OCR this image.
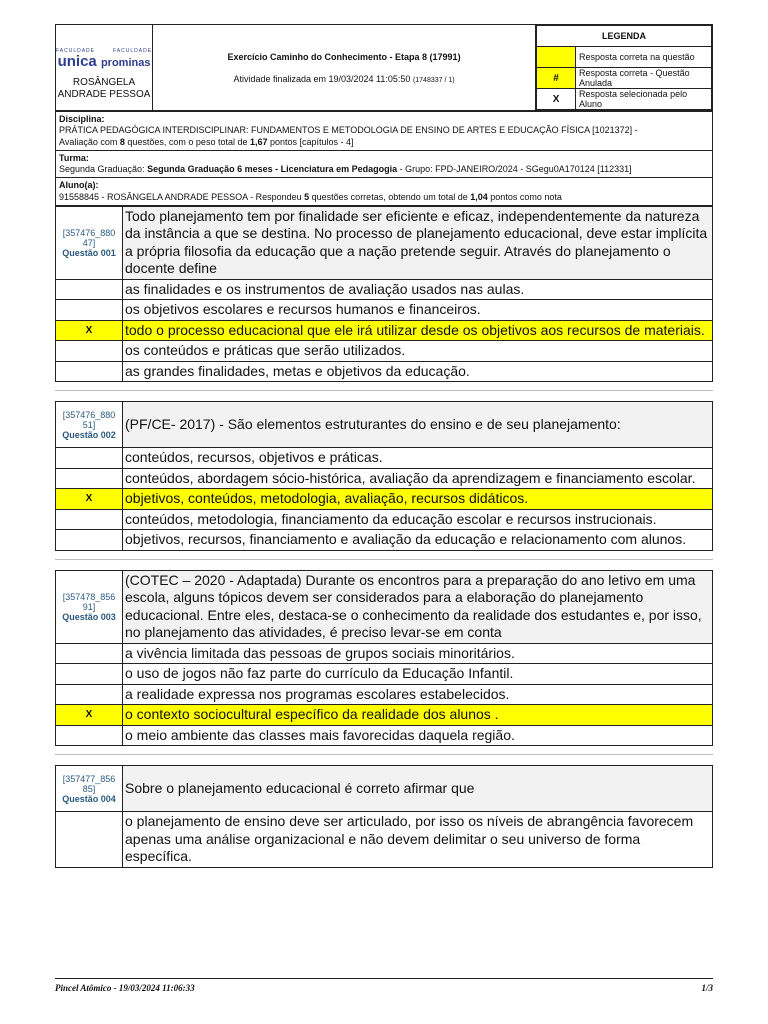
FACULDADE	FACULDADE
unica prominas
ROSÂNGELA ANDRADE PESSOA

Exercício Caminho do Conhecimento - Etapa 8 (17991)
Atividade finalizada em 19/03/2024 11:05:50 (1748337 / 1)

LEGENDA
	Resposta correta na questão
#	Resposta correta - Questão Anulada
X	Resposta selecionada pelo Aluno
Disciplina:
PRÁTICA PEDAGÓGICA INTERDISCIPLINAR: FUNDAMENTOS E METODOLOGIA DE ENSINO DE ARTES E EDUCAÇÃO FÍSICA [1021372] -
Avaliação com 8 questões, com o peso total de 1,67 pontos [capítulos - 4]

Turma:
Segunda Graduação: Segunda Graduação 6 meses - Licenciatura em Pedagogia - Grupo: FPD-JANEIRO/2024 - SGegu0A170124 [112331]

Aluno(a):
91558845 - ROSÂNGELA ANDRADE PESSOA - Respondeu 5 questões corretas, obtendo um total de 1,04 pontos como nota
[357476_880 47]
Questão 001	Todo planejamento tem por finalidade ser eficiente e eficaz, independentemente da natureza da instância a que se destina. No processo de planejamento educacional, deve estar implícita a própria filosofia da educação que a nação pretende seguir. Através do planejamento o docente define
	as finalidades e os instrumentos de avaliação usados nas aulas.
	os objetivos escolares e recursos humanos e financeiros.
X	todo o processo educacional que ele irá utilizar desde os objetivos aos recursos de materiais.
	os conteúdos e práticas que serão utilizados.
	as grandes finalidades, metas e objetivos da educação.
[357476_880 51]
Questão 002	(PF/CE- 2017) - São elementos estruturantes do ensino e de seu planejamento:
	conteúdos, recursos, objetivos e práticas.
	conteúdos, abordagem sócio-histórica, avaliação da aprendizagem e financiamento escolar.
X	objetivos, conteúdos, metodologia, avaliação, recursos didáticos.
	conteúdos, metodologia, financiamento da educação escolar e recursos instrucionais.
	objetivos, recursos, financiamento e avaliação da educação e relacionamento com alunos.
[357478_856 91]
Questão 003	(COTEC – 2020 - Adaptada) Durante os encontros para a preparação do ano letivo em uma escola, alguns tópicos devem ser considerados para a elaboração do planejamento educacional. Entre eles, destaca-se o conhecimento da realidade dos estudantes e, por isso, no planejamento das atividades, é preciso levar-se em conta
	a vivência limitada das pessoas de grupos sociais minoritários.
	o uso de jogos não faz parte do currículo da Educação Infantil.
	a realidade expressa nos programas escolares estabelecidos.
X	o contexto sociocultural específico da realidade dos alunos .
	o meio ambiente das classes mais favorecidas daquela região.
[357477_856 85]
Questão 004	Sobre o planejamento educacional é correto afirmar que
	o planejamento de ensino deve ser articulado, por isso os níveis de abrangência favorecem apenas uma análise organizacional e não devem delimitar o seu universo de forma específica.
Pincel Atômico - 19/03/2024 11:06:33	1/3
